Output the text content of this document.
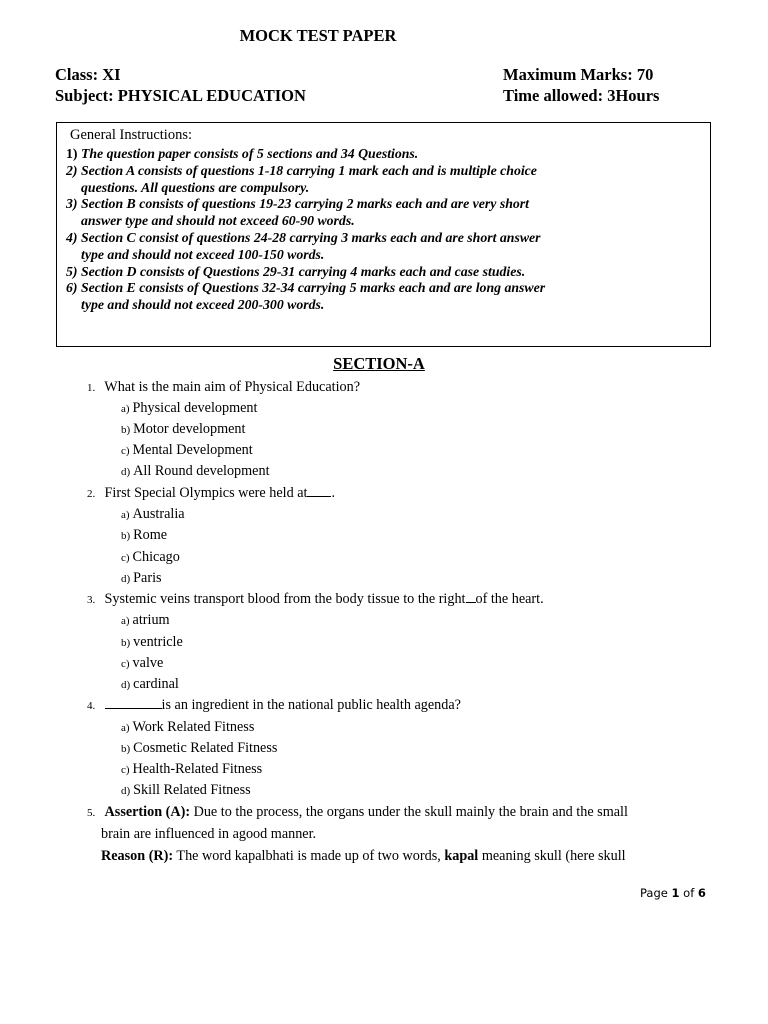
MOCK TEST PAPER
Class: XI
Subject: PHYSICAL EDUCATION
Maximum Marks: 70
Time allowed: 3Hours
General Instructions:
1) The question paper consists of 5 sections and 34 Questions.
2) Section A consists of questions 1-18 carrying 1 mark each and is multiple choice
questions. All questions are compulsory.
3) Section B consists of questions 19-23 carrying 2 marks each and are very short
answer type and should not exceed 60-90 words.
4) Section C consist of questions 24-28 carrying 3 marks each and are short answer
type and should not exceed 100-150 words.
5) Section D consists of Questions 29-31 carrying 4 marks each and case studies.
6) Section E consists of Questions 32-34 carrying 5 marks each and are long answer
type and should not exceed 200-300 words.
SECTION-A
1. What is the main aim of Physical Education?
a) Physical development
b) Motor development
c) Mental Development
d) All Round development
2. First Special Olympics were held at .
a) Australia
b) Rome
c) Chicago
d) Paris
3. Systemic veins transport blood from the body tissue to the right of the heart.
a) atrium
b) ventricle
c) valve
d) cardinal
4.	is an ingredient in the national public health agenda?
a) Work Related Fitness
b) Cosmetic Related Fitness
c) Health-Related Fitness
d) Skill Related Fitness
5. Assertion (A): Due to the process, the organs under the skull mainly the brain and the small
brain are influenced in agood manner.
Reason (R): The word kapalbhati is made up of two words, kapal meaning skull (here skull
Page 1 of 6
